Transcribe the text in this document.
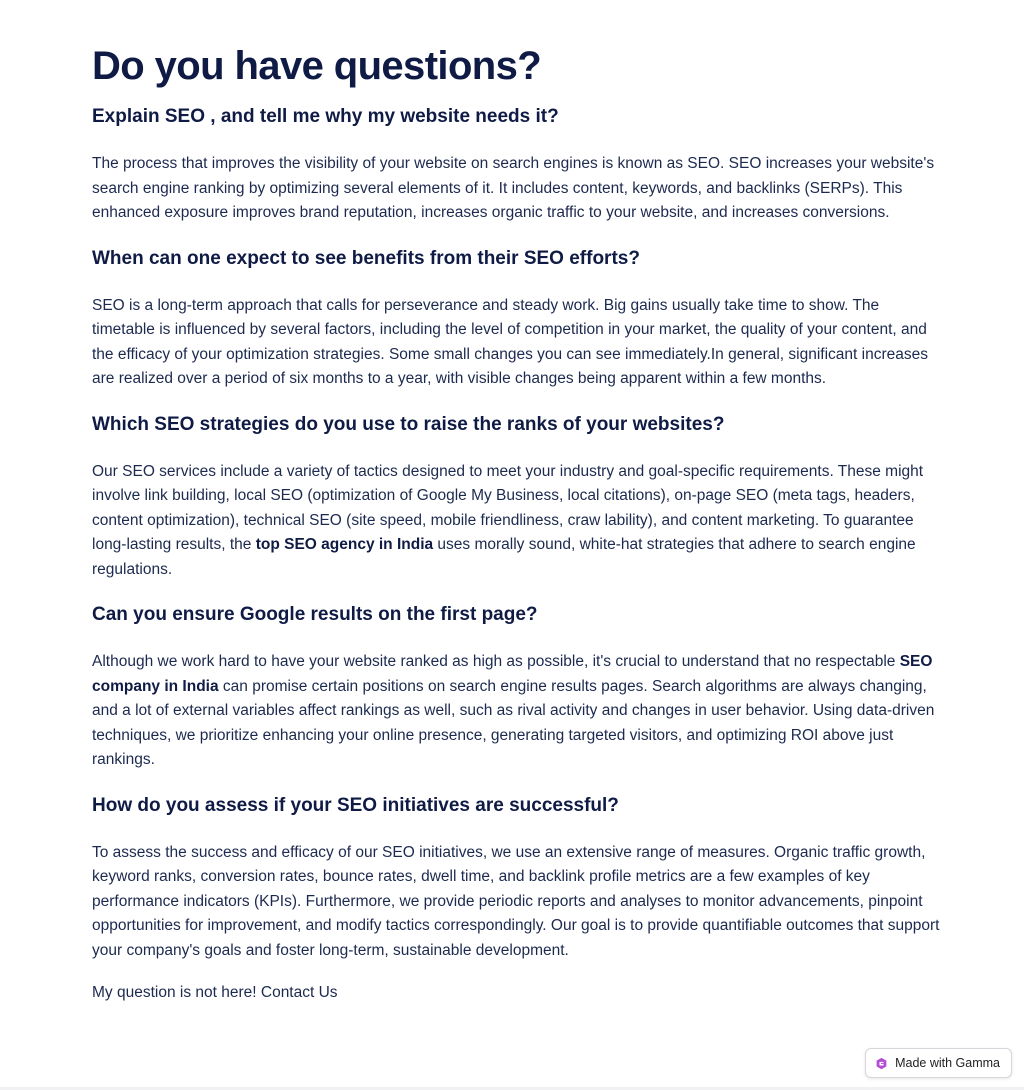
Do you have questions?
Explain SEO , and tell me why my website needs it?

The process that improves the visibility of your website on search engines is known as SEO. SEO increases your website's search engine ranking by optimizing several elements of it. It includes content, keywords, and backlinks (SERPs). This enhanced exposure improves brand reputation, increases organic traffic to your website, and increases conversions.

When can one expect to see benefits from their SEO efforts?

SEO is a long-term approach that calls for perseverance and steady work. Big gains usually take time to show. The timetable is influenced by several factors, including the level of competition in your market, the quality of your content, and the efficacy of your optimization strategies. Some small changes you can see immediately.In general, significant increases are realized over a period of six months to a year, with visible changes being apparent within a few months.

Which SEO strategies do you use to raise the ranks of your websites?

Our SEO services include a variety of tactics designed to meet your industry and goal-specific requirements. These might involve link building, local SEO (optimization of Google My Business, local citations), on-page SEO (meta tags, headers, content optimization), technical SEO (site speed, mobile friendliness, craw lability), and content marketing. To guarantee long-lasting results, the top SEO agency in India uses morally sound, white-hat strategies that adhere to search engine regulations.

Can you ensure Google results on the first page?

Although we work hard to have your website ranked as high as possible, it's crucial to understand that no respectable SEO company in India can promise certain positions on search engine results pages. Search algorithms are always changing, and a lot of external variables affect rankings as well, such as rival activity and changes in user behavior. Using data-driven techniques, we prioritize enhancing your online presence, generating targeted visitors, and optimizing ROI above just rankings.

How do you assess if your SEO initiatives are successful?

To assess the success and efficacy of our SEO initiatives, we use an extensive range of measures. Organic traffic growth, keyword ranks, conversion rates, bounce rates, dwell time, and backlink profile metrics are a few examples of key performance indicators (KPIs). Furthermore, we provide periodic reports and analyses to monitor advancements, pinpoint opportunities for improvement, and modify tactics correspondingly. Our goal is to provide quantifiable outcomes that support your company's goals and foster long-term, sustainable development.

My question is not here! Contact Us

Made with Gamma
